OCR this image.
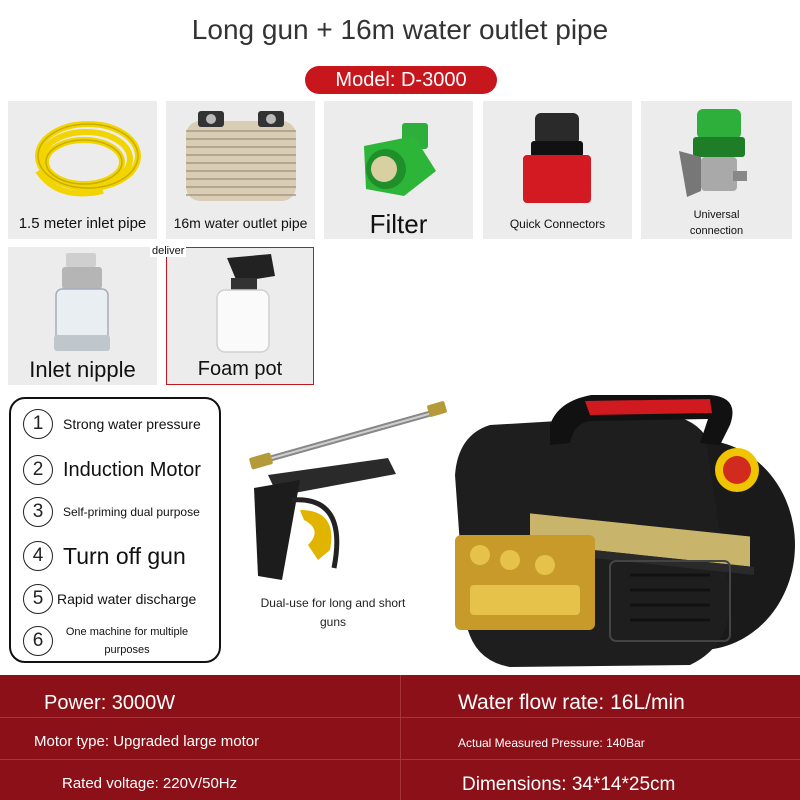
Long gun + 16m water outlet pipe
Model: D-3000
1.5 meter inlet pipe	16m water outlet pipe	Filter	Quick Connectors
Universal connection
Inlet nipple
deliver
Foam pot
1	Strong water pressure
2 Induction Motor
3	Self-priming dual purpose
4 Turn off gun
5 Rapid water discharge
6	One machine for multiple purposes
Dual-use for long and short guns
Power: 3000W	Water flow rate: 16L/min
Motor type: Upgraded large motor	Actual Measured Pressure: 140Bar
Rated voltage: 220V/50Hz	Dimensions: 34*14*25cm
